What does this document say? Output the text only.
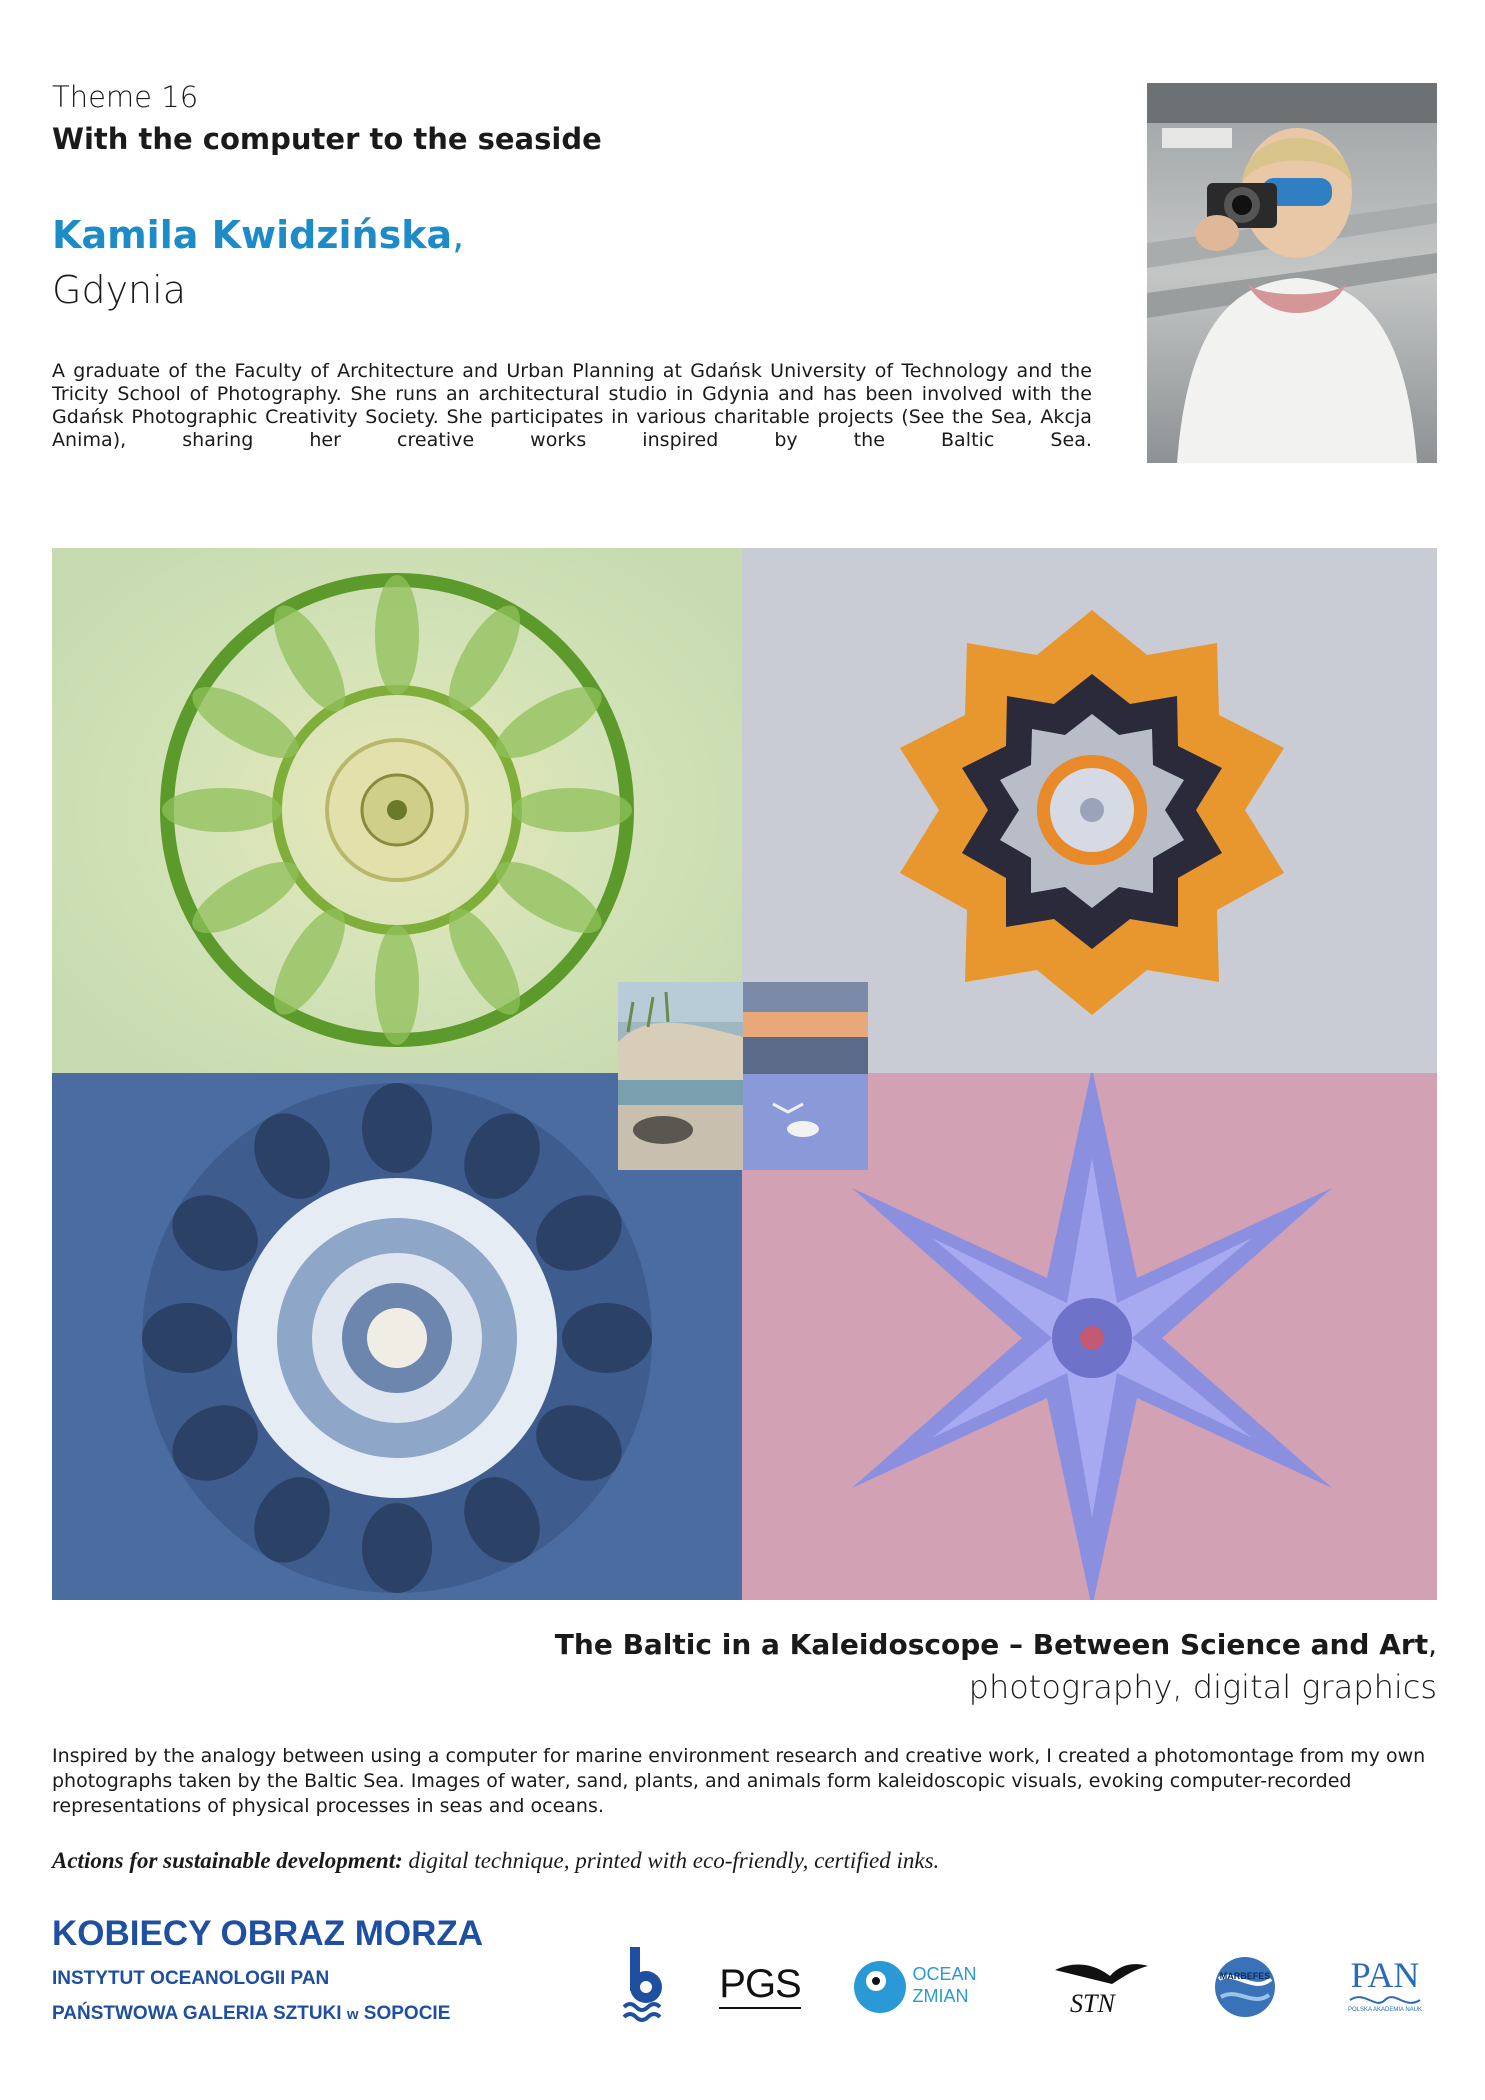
Theme 16
With the computer to the seaside
Kamila Kwidzińska,
Gdynia
A graduate of the Faculty of Architecture and Urban Planning at Gdańsk University of Technology and the Tricity School of Photography. She runs an architectural studio in Gdynia and has been involved with the Gdańsk Photographic Creativity Society. She participates in various charitable projects (See the Sea, Akcja Anima), sharing her creative works inspired by the Baltic Sea.
The Baltic in a Kaleidoscope – Between Science and Art,
photography, digital graphics
Inspired by the analogy between using a computer for marine environment research and creative work, I created a photomontage from my own photographs taken by the Baltic Sea. Images of water, sand, plants, and animals form kaleidoscopic visuals, evoking computer-recorded representations of physical processes in seas and oceans.
Actions for sustainable development: digital technique, printed with eco-friendly, certified inks.
KOBIECY OBRAZ MORZA
INSTYTUT OCEANOLOGII PAN
PAŃSTWOWA GALERIA SZTUKI w SOPOCIE
PGS	OCEAN
ZMIAN	STN
MARBEFES PAN
POLSKA AKADEMIA NAUK
